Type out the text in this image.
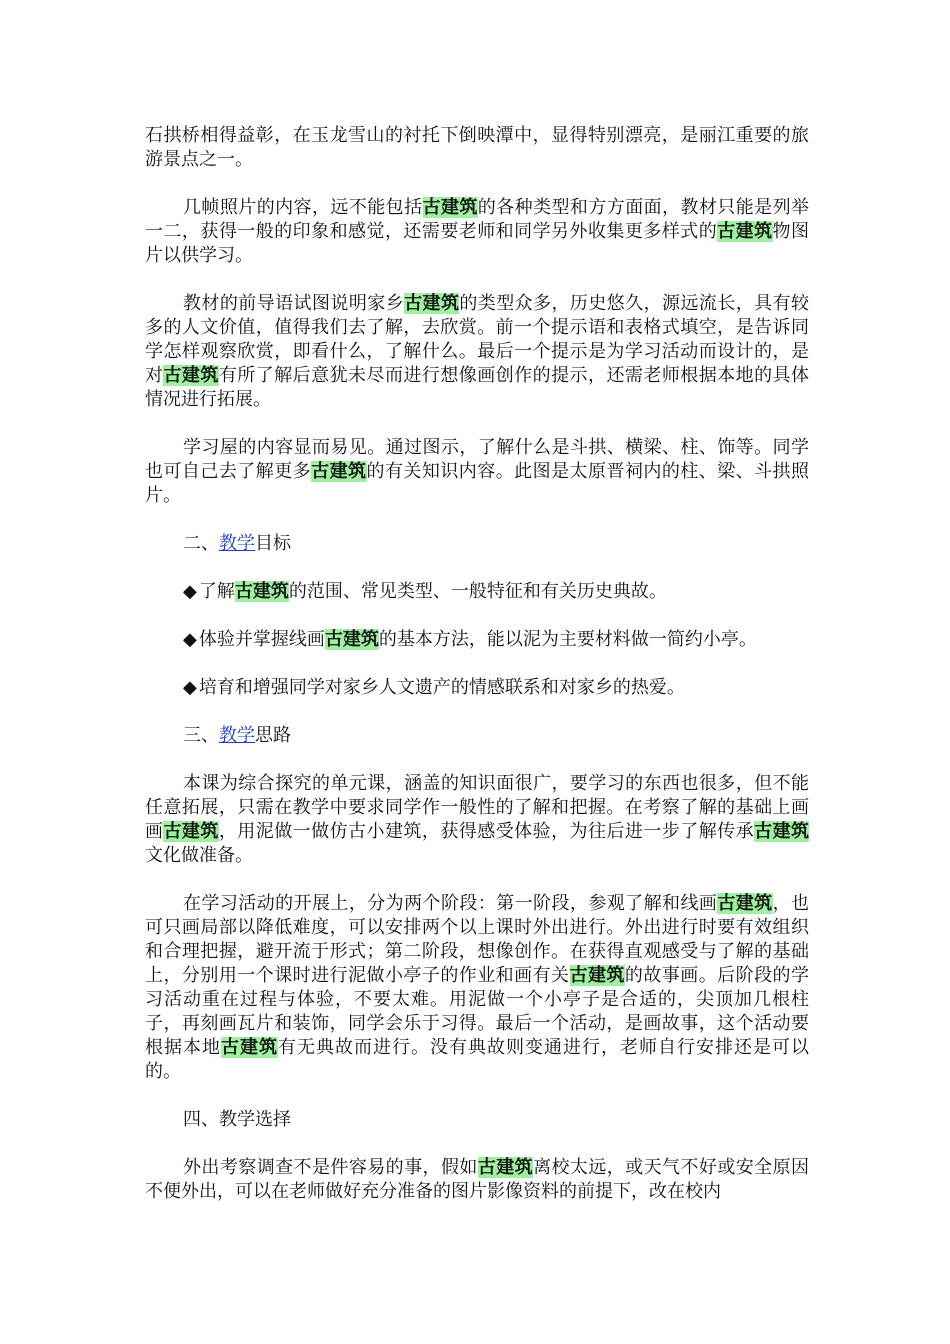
石拱桥相得益彰，在玉龙雪山的衬托下倒映潭中，显得特别漂亮，是丽江重要的旅游景点之一。

几帧照片的内容，远不能包括古建筑的各种类型和方方面面，教材只能是列举一二，获得一般的印象和感觉，还需要老师和同学另外收集更多样式的古建筑物图片以供学习。

教材的前导语试图说明家乡古建筑的类型众多，历史悠久，源远流长，具有较多的人文价值，值得我们去了解，去欣赏。前一个提示语和表格式填空，是告诉同学怎样观察欣赏，即看什么，了解什么。最后一个提示是为学习活动而设计的，是对古建筑有所了解后意犹未尽而进行想像画创作的提示，还需老师根据本地的具体情况进行拓展。

学习屋的内容显而易见。通过图示，了解什么是斗拱、横梁、柱、饰等。同学也可自己去了解更多古建筑的有关知识内容。此图是太原晋祠内的柱、梁、斗拱照片。

二、教学目标

◆ 了解古建筑的范围、常见类型、一般特征和有关历史典故。

◆ 体验并掌握线画古建筑的基本方法，能以泥为主要材料做一简约小亭。

◆ 培育和增强同学对家乡人文遗产的情感联系和对家乡的热爱。

三、教学思路

本课为综合探究的单元课，涵盖的知识面很广，要学习的东西也很多，但不能任意拓展，只需在教学中要求同学作一般性的了解和把握。在考察了解的基础上画画古建筑，用泥做一做仿古小建筑，获得感受体验，为往后进一步了解传承古建筑文化做准备。

在学习活动的开展上，分为两个阶段：第一阶段，参观了解和线画古建筑，也可只画局部以降低难度，可以安排两个以上课时外出进行。外出进行时要有效组织和合理把握，避开流于形式；第二阶段，想像创作。在获得直观感受与了解的基础上，分别用一个课时进行泥做小亭子的作业和画有关古建筑的故事画。后阶段的学习活动重在过程与体验，不要太难。用泥做一个小亭子是合适的，尖顶加几根柱子，再刻画瓦片和装饰，同学会乐于习得。最后一个活动，是画故事，这个活动要根据本地古建筑有无典故而进行。没有典故则变通进行，老师自行安排还是可以的。

四、教学选择

外出考察调查不是件容易的事，假如古建筑离校太远，或天气不好或安全原因不便外出，可以在老师做好充分准备的图片影像资料的前提下，改在校内
